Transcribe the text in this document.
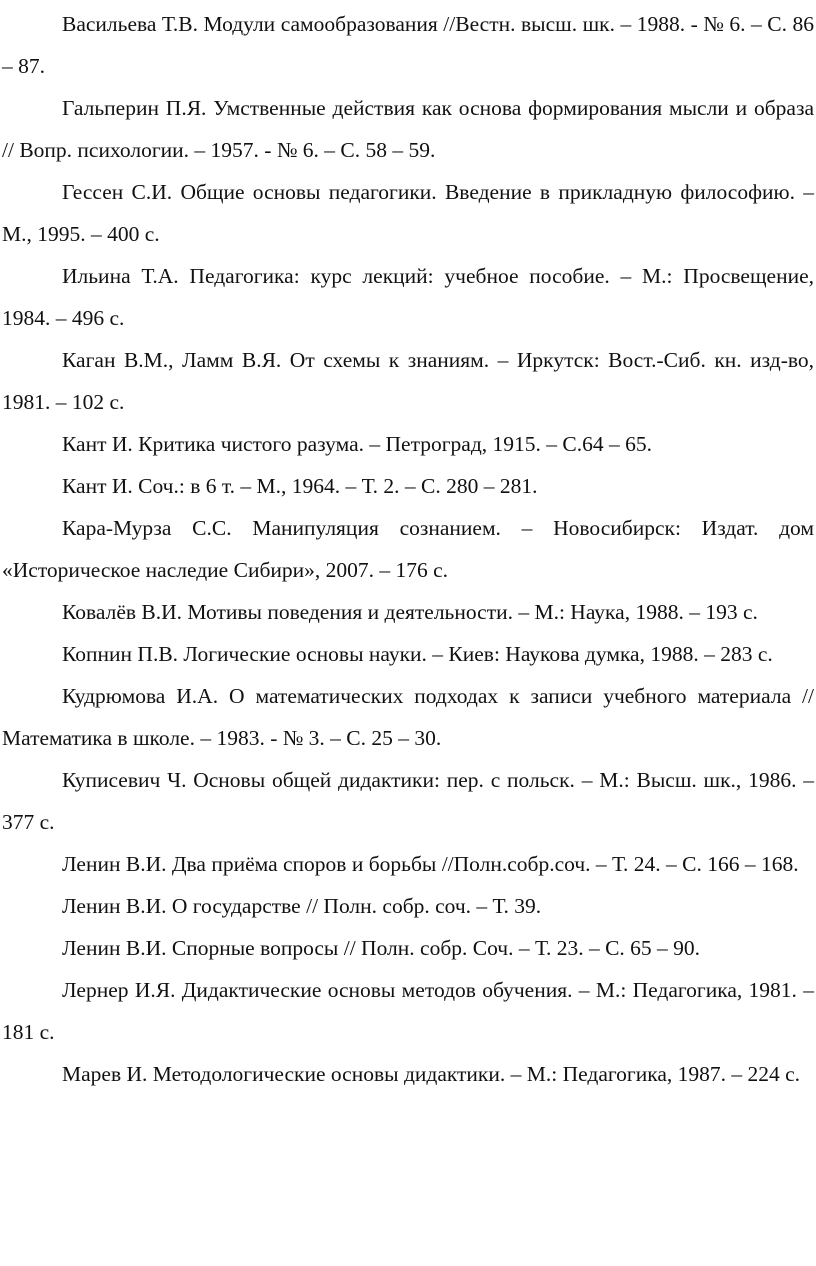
Васильева Т.В. Модули самообразования //Вестн. высш. шк. – 1988. - № 6. – С. 86 – 87.
Гальперин П.Я. Умственные действия как основа формирования мысли и образа // Вопр. психологии. – 1957. - № 6. – С. 58 – 59.
Гессен С.И. Общие основы педагогики. Введение в прикладную философию. – М., 1995. – 400 с.
Ильина Т.А. Педагогика: курс лекций: учебное пособие. – М.: Просвещение, 1984. – 496 с.
Каган В.М., Ламм В.Я. От схемы к знаниям. – Иркутск: Вост.-Сиб. кн. изд-во, 1981. – 102 с.
Кант И. Критика чистого разума. – Петроград, 1915. – С.64 – 65.
Кант И. Соч.: в 6 т. – М., 1964. – Т. 2. – С. 280 – 281.
Кара-Мурза С.С. Манипуляция сознанием. – Новосибирск: Издат. дом «Историческое наследие Сибири», 2007. – 176 с.
Ковалёв В.И. Мотивы поведения и деятельности. – М.: Наука, 1988. – 193 с.
Копнин П.В. Логические основы науки. – Киев: Наукова думка, 1988. – 283 с.
Кудрюмова И.А. О математических подходах к записи учебного материала // Математика в школе. – 1983. - № 3. – С. 25 – 30.
Куписевич Ч. Основы общей дидактики: пер. с польск. – М.: Высш. шк., 1986. – 377 с.
Ленин В.И. Два приёма споров и борьбы //Полн.собр.соч. – Т. 24. – С. 166 – 168.
Ленин В.И. О государстве // Полн. собр. соч. – Т. 39.
Ленин В.И. Спорные вопросы // Полн. собр. Соч. – Т. 23. – С. 65 – 90.
Лернер И.Я. Дидактические основы методов обучения. – М.: Педагогика, 1981. – 181 с.
Марев И. Методологические основы дидактики. – М.: Педагогика, 1987. – 224 с.
